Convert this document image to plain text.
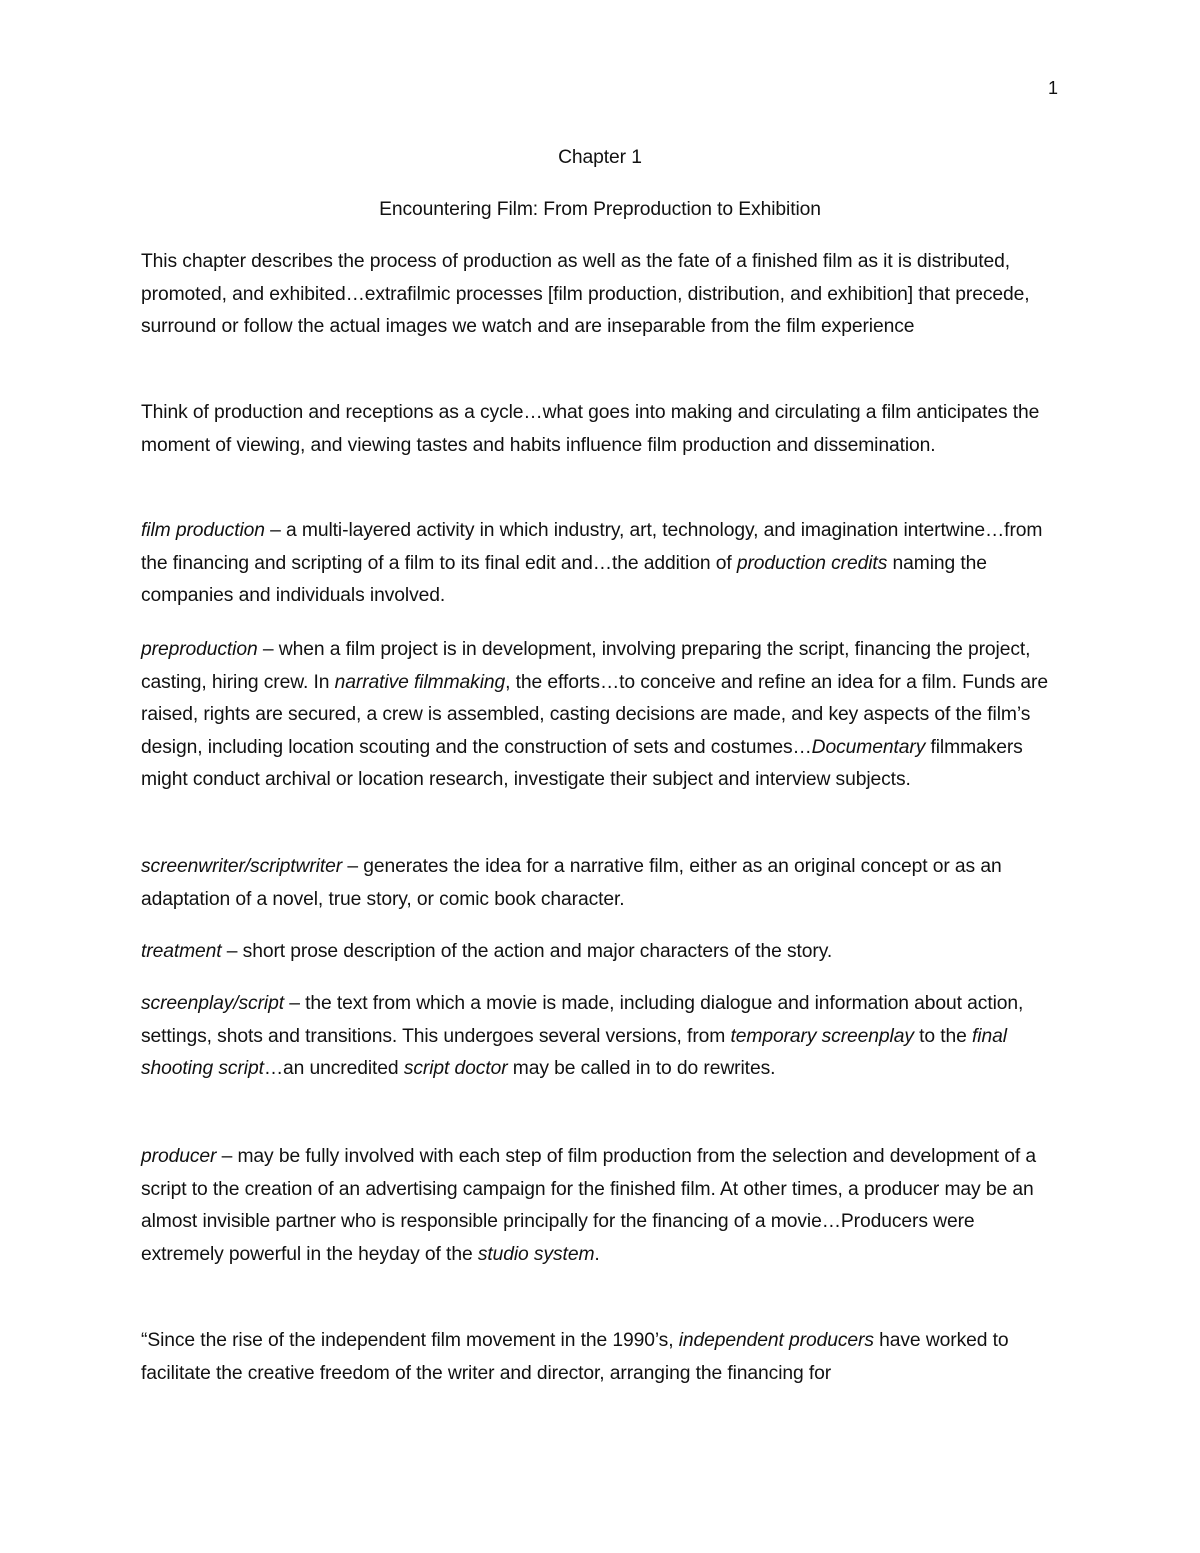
1
Chapter 1
Encountering Film: From Preproduction to Exhibition

This chapter describes the process of production as well as the fate of a finished film as it is distributed, promoted, and exhibited…extrafilmic processes [film production, distribution, and exhibition] that precede, surround or follow the actual images we watch and are inseparable from the film experience

Think of production and receptions as a cycle…what goes into making and circulating a film anticipates the moment of viewing, and viewing tastes and habits influence film production and dissemination.

film production – a multi-layered activity in which industry, art, technology, and imagination intertwine…from the financing and scripting of a film to its final edit and…the addition of production credits naming the companies and individuals involved.

preproduction – when a film project is in development, involving preparing the script, financing the project, casting, hiring crew. In narrative filmmaking, the efforts…to conceive and refine an idea for a film. Funds are raised, rights are secured, a crew is assembled, casting decisions are made, and key aspects of the film’s design, including location scouting and the construction of sets and costumes…Documentary filmmakers might conduct archival or location research, investigate their subject and interview subjects.

screenwriter/scriptwriter – generates the idea for a narrative film, either as an original concept or as an adaptation of a novel, true story, or comic book character.

treatment – short prose description of the action and major characters of the story.

screenplay/script – the text from which a movie is made, including dialogue and information about action, settings, shots and transitions. This undergoes several versions, from temporary screenplay to the final shooting script…an uncredited script doctor may be called in to do rewrites.

producer – may be fully involved with each step of film production from the selection and development of a script to the creation of an advertising campaign for the finished film. At other times, a producer may be an almost invisible partner who is responsible principally for the financing of a movie…Producers were extremely powerful in the heyday of the studio system.

“Since the rise of the independent film movement in the 1990’s, independent producers have worked to facilitate the creative freedom of the writer and director, arranging the financing for
